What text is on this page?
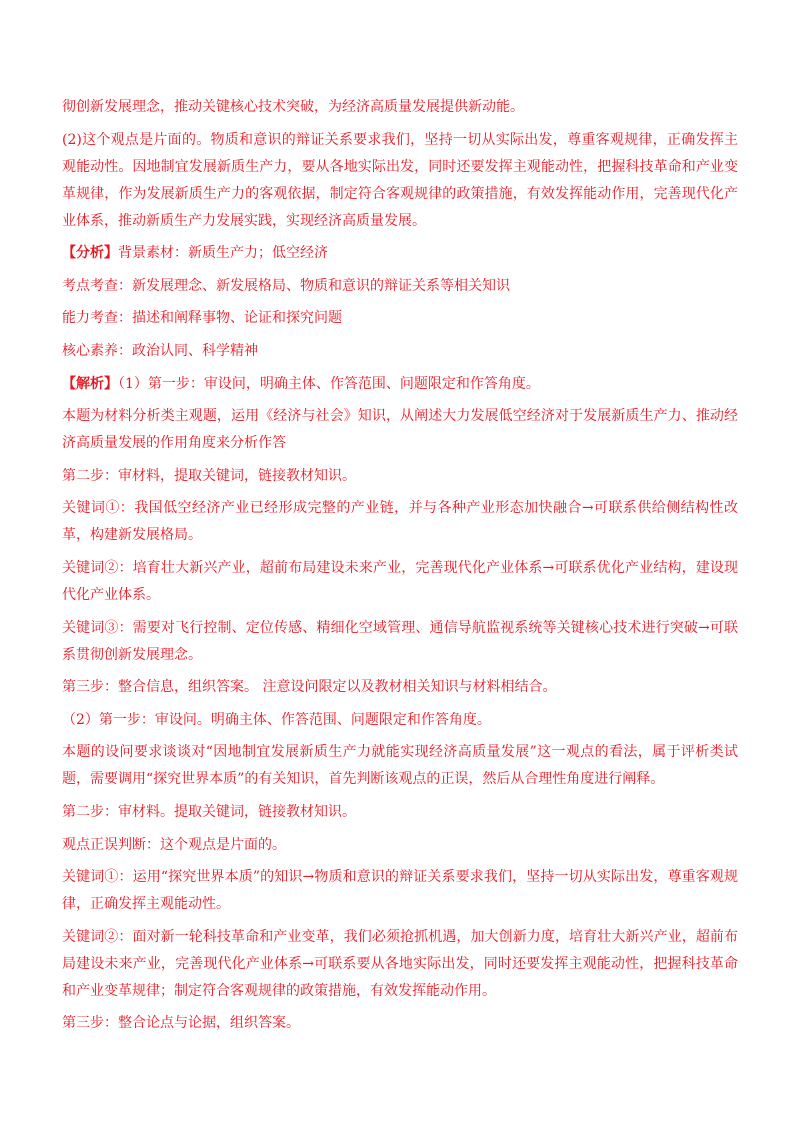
彻创新发展理念，推动关键核心技术突破，为经济高质量发展提供新动能。

(2)这个观点是片面的。物质和意识的辩证关系要求我们，坚持一切从实际出发，尊重客观规律，正确发挥主观能动性。因地制宜发展新质生产力，要从各地实际出发，同时还要发挥主观能动性，把握科技革命和产业变革规律，作为发展新质生产力的客观依据，制定符合客观规律的政策措施，有效发挥能动作用，完善现代化产业体系，推动新质生产力发展实践，实现经济高质量发展。

【分析】背景素材：新质生产力；低空经济

考点考查：新发展理念、新发展格局、物质和意识的辩证关系等相关知识

能力考查：描述和阐释事物、论证和探究问题

核心素养：政治认同、科学精神

【解析】（1）第一步：审设问，明确主体、作答范围、问题限定和作答角度。

本题为材料分析类主观题，运用《经济与社会》知识，从阐述大力发展低空经济对于发展新质生产力、推动经济高质量发展的作用角度来分析作答

第二步：审材料，提取关键词，链接教材知识。

关键词①：我国低空经济产业已经形成完整的产业链，并与各种产业形态加快融合→可联系供给侧结构性改革，构建新发展格局。

关键词②：培育壮大新兴产业，超前布局建设未来产业，完善现代化产业体系→可联系优化产业结构，建设现代化产业体系。

关键词③：需要对飞行控制、定位传感、精细化空域管理、通信导航监视系统等关键核心技术进行突破→可联系贯彻创新发展理念。

第三步：整合信息，组织答案。 注意设问限定以及教材相关知识与材料相结合。

（2）第一步：审设问。明确主体、作答范围、问题限定和作答角度。

本题的设问要求谈谈对“因地制宜发展新质生产力就能实现经济高质量发展”这一观点的看法，属于评析类试题，需要调用“探究世界本质”的有关知识，首先判断该观点的正误，然后从合理性角度进行阐释。

第二步：审材料。提取关键词，链接教材知识。

观点正误判断：这个观点是片面的。

关键词①：运用“探究世界本质”的知识→物质和意识的辩证关系要求我们，坚持一切从实际出发，尊重客观规律，正确发挥主观能动性。

关键词②：面对新一轮科技革命和产业变革，我们必须抢抓机遇，加大创新力度，培育壮大新兴产业，超前布局建设未来产业，完善现代化产业体系→可联系要从各地实际出发，同时还要发挥主观能动性，把握科技革命和产业变革规律；制定符合客观规律的政策措施，有效发挥能动作用。

第三步：整合论点与论据，组织答案。
